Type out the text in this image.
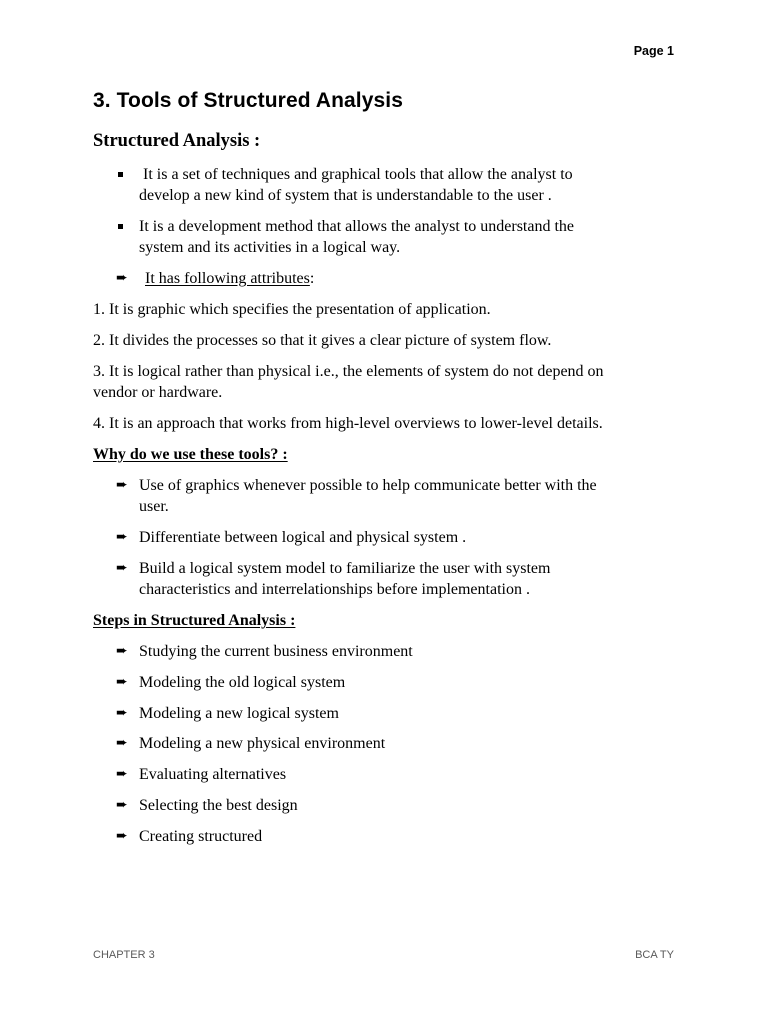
Page 1
3. Tools of Structured Analysis
Structured Analysis :
It is a set of techniques and graphical tools that allow the analyst to
develop a new kind of system that is understandable to the user .
It is a development method that allows the analyst to understand the
system and its activities in a logical way.
➨ It has following attributes:
1. It is graphic which specifies the presentation of application.
2. It divides the processes so that it gives a clear picture of system flow.
3. It is logical rather than physical i.e., the elements of system do not depend on
vendor or hardware.
4. It is an approach that works from high-level overviews to lower-level details.
Why do we use these tools? :
➨ Use of graphics whenever possible to help communicate better with the
user.
➨ Differentiate between logical and physical system .
➨ Build a logical system model to familiarize the user with system
characteristics and interrelationships before implementation .
Steps in Structured Analysis :
➨ Studying the current business environment
➨ Modeling the old logical system
➨ Modeling a new logical system
➨ Modeling a new physical environment
➨ Evaluating alternatives
➨ Selecting the best design
➨ Creating structured
CHAPTER 3	BCA TY
